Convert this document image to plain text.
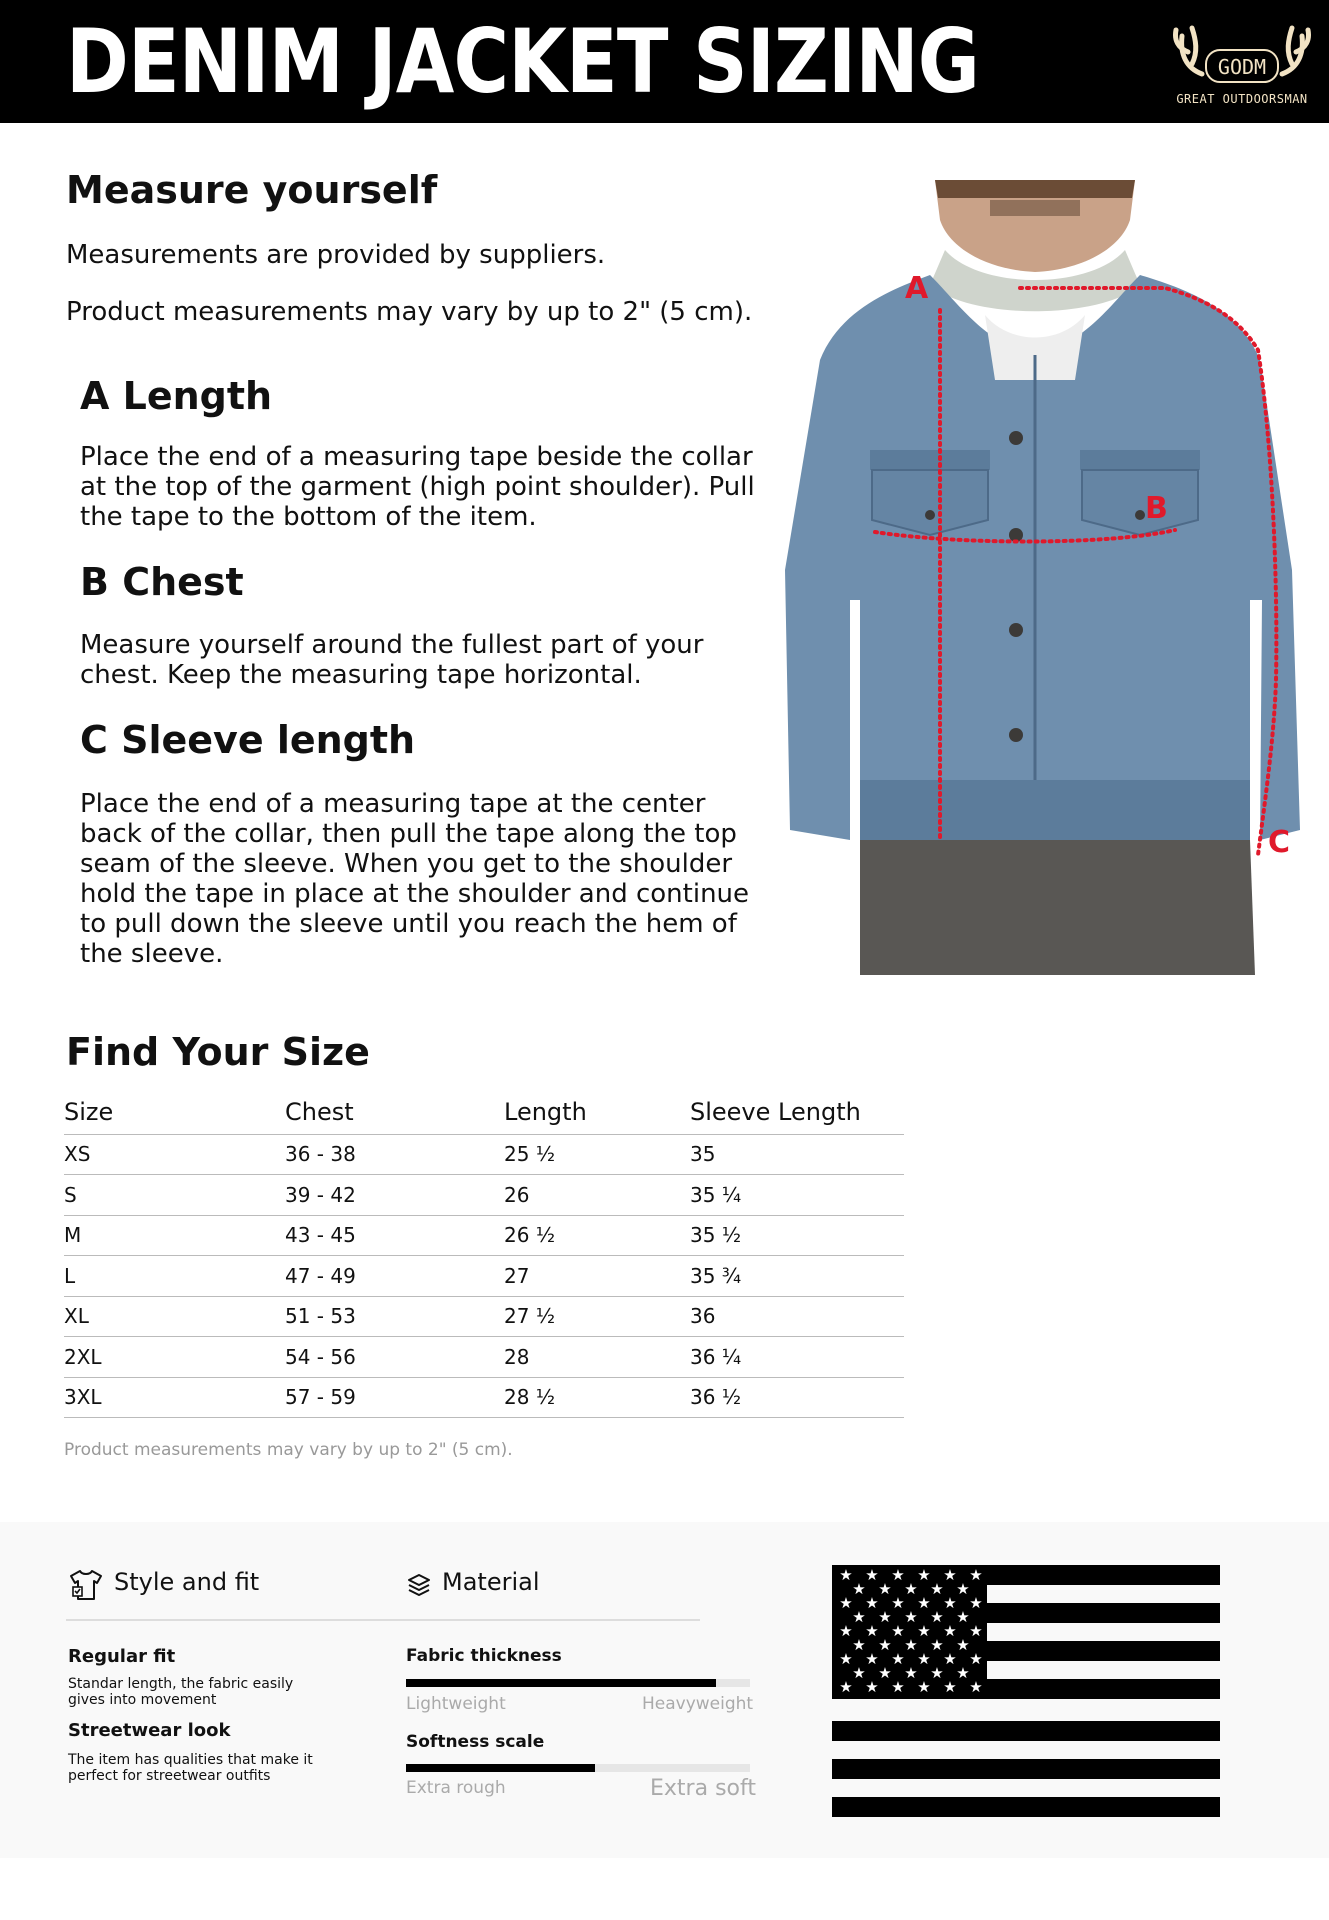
DENIM JACKET SIZING	GODM
GREAT OUTDOORSMAN
Measure yourself
Measurements are provided by suppliers.
Product measurements may vary by up to 2" (5 cm).
A Length
Place the end of a measuring tape beside the collar at the top of the garment (high point shoulder). Pull the tape to the bottom of the item.
B Chest
Measure yourself around the fullest part of your chest. Keep the measuring tape horizontal.
C Sleeve length
Place the end of a measuring tape at the center back of the collar, then pull the tape along the top seam of the sleeve. When you get to the shoulder hold the tape in place at the shoulder and continue to pull down the sleeve until you reach the hem of the sleeve.
A
B
C
Find Your Size
Size	Chest	Length	Sleeve Length
XS	36 - 38	25 ½	35
S	39 - 42	26	35 ¼
M	43 - 45	26 ½	35 ½
L	47 - 49	27	35 ¾
XL	51 - 53	27 ½	36
2XL	54 - 56	28	36 ¼
3XL	57 - 59	28 ½	36 ½
Product measurements may vary by up to 2" (5 cm).
Style and fit	Material
Regular fit
Standar length, the fabric easily gives into movement
Streetwear look
The item has qualities that make it perfect for streetwear outfits
Fabric thickness
Lightweight	Heavyweight
Softness scale
Extra rough	Extra soft
★ ★ ★ ★ ★ ★
★ ★ ★ ★ ★
★ ★ ★ ★ ★ ★
★ ★ ★ ★ ★
★ ★ ★ ★ ★ ★
★ ★ ★ ★ ★
★ ★ ★ ★ ★ ★
★ ★ ★ ★ ★
★ ★ ★ ★ ★ ★
